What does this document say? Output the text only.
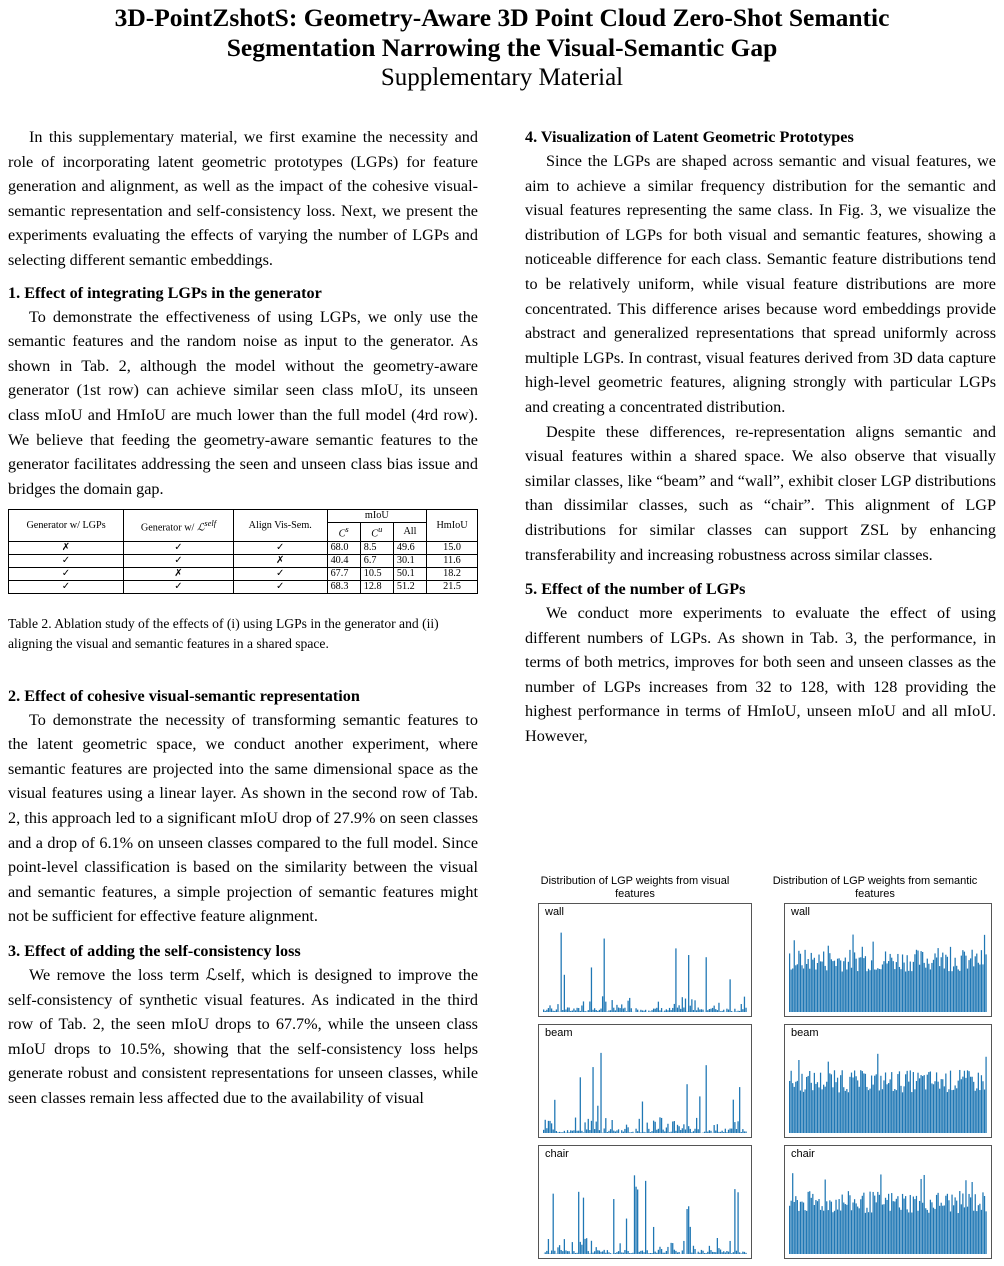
3D-PointZshotS: Geometry-Aware 3D Point Cloud Zero-Shot Semantic
Segmentation Narrowing the Visual-Semantic Gap
Supplementary Material

In this supplementary material, we first examine the necessity and role of incorporating latent geometric prototypes (LGPs) for feature generation and alignment, as well as the impact of the cohesive visual-semantic representation and self-consistency loss. Next, we present the experiments evaluating the effects of varying the number of LGPs and selecting different semantic embeddings.

1. Effect of integrating LGPs in the generator

To demonstrate the effectiveness of using LGPs, we only use the semantic features and the random noise as input to the generator. As shown in Tab. 2, although the model without the geometry-aware generator (1st row) can achieve similar seen class mIoU, its unseen class mIoU and HmIoU are much lower than the full model (4rd row). We believe that feeding the geometry-aware semantic features to the generator facilitates addressing the seen and unseen class bias issue and bridges the domain gap.

Generator w/ LGPs	Generator w/ ℒ$^{self}$	Align Vis-Sem.	mIoU			HmIoU
			$C^s$	$C^u$	All	
✗	✓	✓	68.0	8.5	49.6	15.0
✓	✓	✗	40.4	6.7	30.1	11.6
✓	✗	✓	67.7	10.5	50.1	18.2
✓	✓	✓	68.3	12.8	51.2	21.5
Table 2. Ablation study of the effects of (i) using LGPs in the generator and (ii) aligning the visual and semantic features in a shared space.
2. Effect of cohesive visual-semantic representation

To demonstrate the necessity of transforming semantic features to the latent geometric space, we conduct another experiment, where semantic features are projected into the same dimensional space as the visual features using a linear layer. As shown in the second row of Tab. 2, this approach led to a significant mIoU drop of 27.9% on seen classes and a drop of 6.1% on unseen classes compared to the full model. Since point-level classification is based on the similarity between the visual and semantic features, a simple projection of semantic features might not be sufficient for effective feature alignment.

3. Effect of adding the self-consistency loss

We remove the loss term ℒself, which is designed to improve the self-consistency of synthetic visual features. As indicated in the third row of Tab. 2, the seen mIoU drops to 67.7%, while the unseen class mIoU drops to 10.5%, showing that the self-consistency loss helps generate robust and consistent representations for unseen classes, while seen classes remain less affected due to the availability of visual

4. Visualization of Latent Geometric Prototypes

Since the LGPs are shaped across semantic and visual features, we aim to achieve a similar frequency distribution for the semantic and visual features representing the same class. In Fig. 3, we visualize the distribution of LGPs for both visual and semantic features, showing a noticeable difference for each class. Semantic feature distributions tend to be relatively uniform, while visual feature distributions are more concentrated. This difference arises because word embeddings provide abstract and generalized representations that spread uniformly across multiple LGPs. In contrast, visual features derived from 3D data capture high-level geometric features, aligning strongly with particular LGPs and creating a concentrated distribution.

Despite these differences, re-representation aligns semantic and visual features within a shared space. We also observe that visually similar classes, like “beam” and “wall”, exhibit closer LGP distributions than dissimilar classes, such as “chair”. This alignment of LGP distributions for similar classes can support ZSL by enhancing transferability and increasing robustness across similar classes.

5. Effect of the number of LGPs

We conduct more experiments to evaluate the effect of using different numbers of LGPs. As shown in Tab. 3, the performance, in terms of both metrics, improves for both seen and unseen classes as the number of LGPs increases from 32 to 128, with 128 providing the highest performance in terms of HmIoU, unseen mIoU and all mIoU. However,

Distribution of LGP weights from visual features
Distribution of LGP weights from semantic features
wall	wall
beam	beam
chair	chair
